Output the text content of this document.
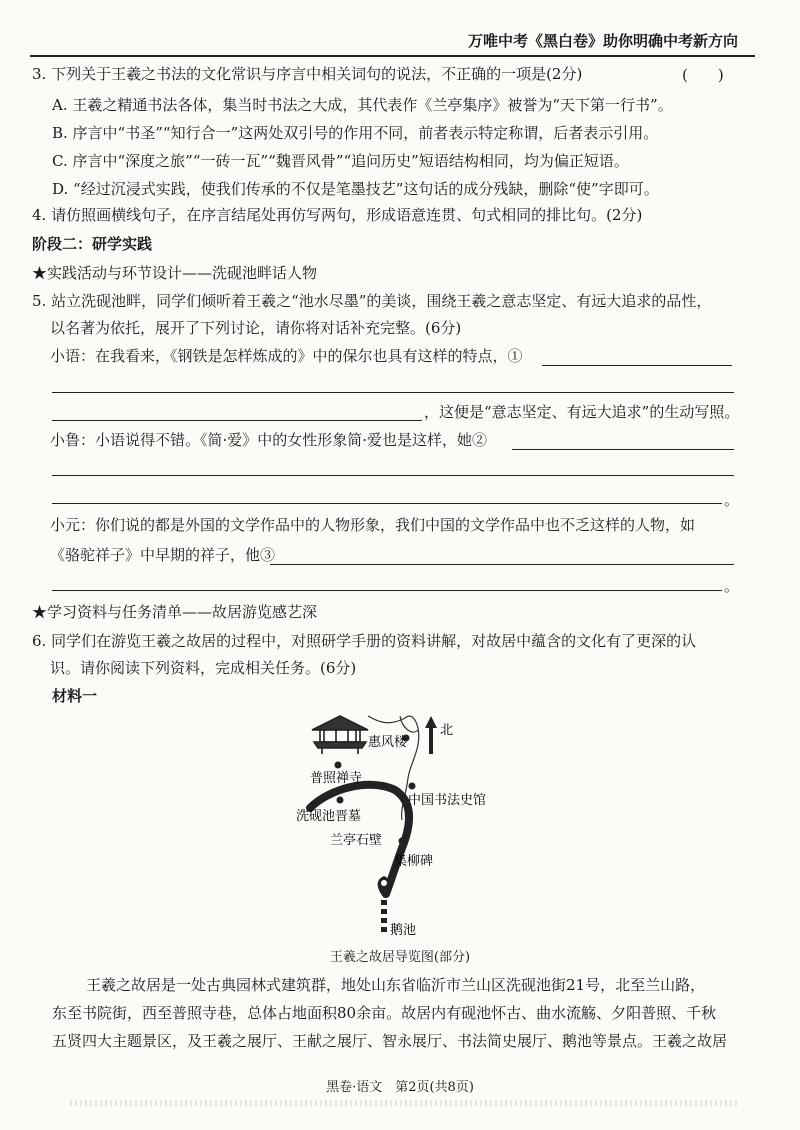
万唯中考《黑白卷》助你明确中考新方向
3. 下列关于王羲之书法的文化常识与序言中相关词句的说法，不正确的一项是(2分)	(　　)
A. 王羲之精通书法各体，集当时书法之大成，其代表作《兰亭集序》被誉为“天下第一行书”。
B. 序言中“书圣”“知行合一”这两处双引号的作用不同，前者表示特定称谓，后者表示引用。
C. 序言中“深度之旅”“一砖一瓦”“魏晋风骨”“追问历史”短语结构相同，均为偏正短语。
D. “经过沉浸式实践，使我们传承的不仅是笔墨技艺”这句话的成分残缺，删除“使”字即可。
4. 请仿照画横线句子，在序言结尾处再仿写两句，形成语意连贯、句式相同的排比句。(2分)
阶段二：研学实践
★实践活动与环节设计——洗砚池畔话人物
5. 站立洗砚池畔，同学们倾听着王羲之“池水尽墨”的美谈，围绕王羲之意志坚定、有远大追求的品性，
以名著为依托，展开了下列讨论，请你将对话补充完整。(6分)
小语：在我看来，《钢铁是怎样炼成的》中的保尔也具有这样的特点，①
，这便是“意志坚定、有远大追求”的生动写照。
小鲁：小语说得不错。《简·爱》中的女性形象简·爱也是这样，她②
。
小元：你们说的都是外国的文学作品中的人物形象，我们中国的文学作品中也不乏这样的人物，如
《骆驼祥子》中早期的祥子，他③
。
★学习资料与任务清单——故居游览感艺深
6. 同学们在游览王羲之故居的过程中，对照研学手册的资料讲解，对故居中蕴含的文化有了更深的认
识。请你阅读下列资料，完成相关任务。(6分)
材料一
惠风楼
普照禅寺
中国书法史馆
洗砚池晋墓
兰亭石壁
集柳碑
鹅池
北
王羲之故居导览图(部分)
王羲之故居是一处古典园林式建筑群，地处山东省临沂市兰山区洗砚池街21号，北至兰山路，
东至书院街，西至普照寺巷，总体占地面积80余亩。故居内有砚池怀古、曲水流觞、夕阳普照、千秋
五贤四大主题景区，及王羲之展厅、王献之展厅、智永展厅、书法简史展厅、鹅池等景点。王羲之故居
黑卷·语文　第2页(共8页)
